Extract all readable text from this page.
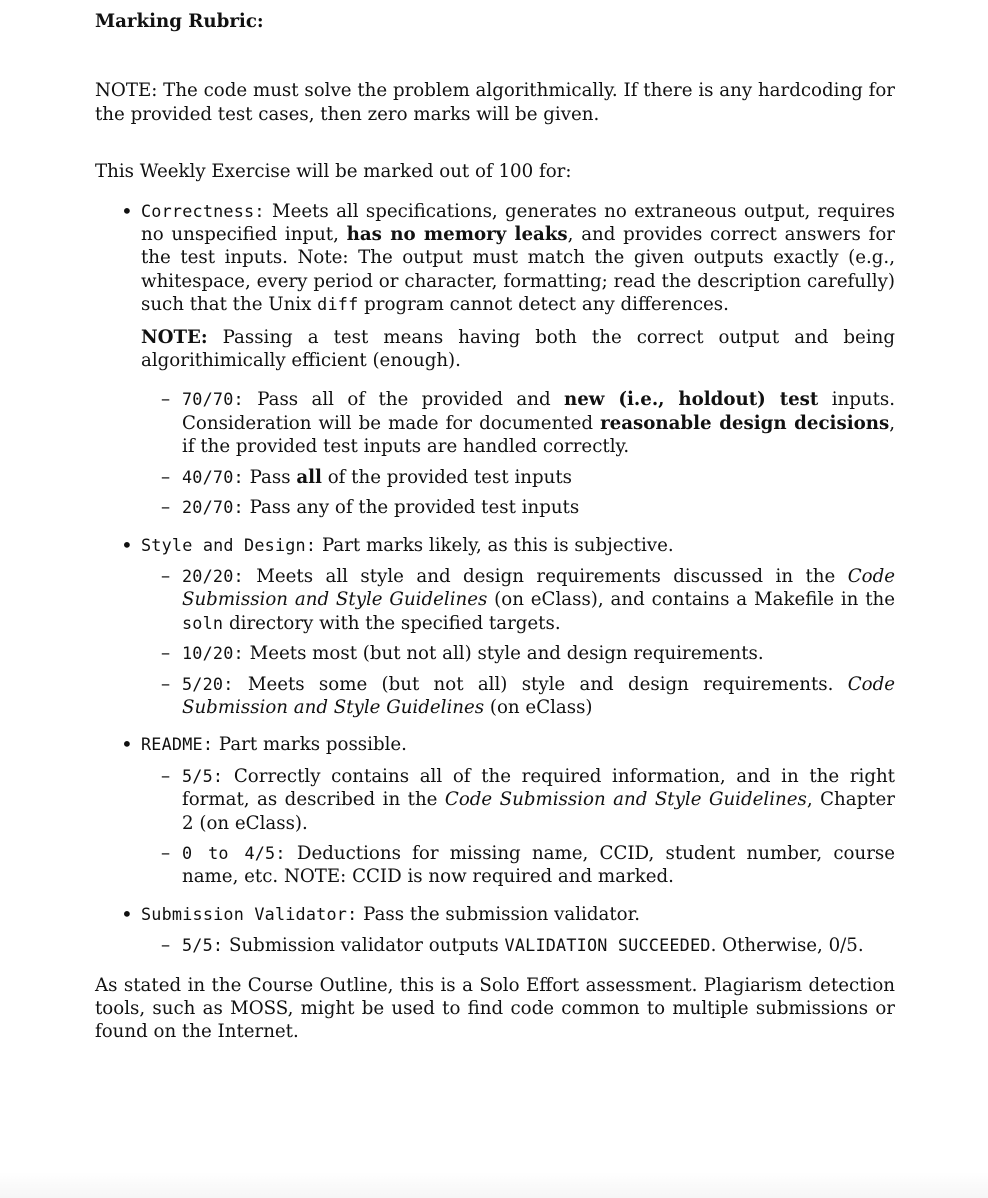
Marking Rubric:

NOTE: The code must solve the problem algorithmically. If there is any hardcoding for the provided test cases, then zero marks will be given.

This Weekly Exercise will be marked out of 100 for:

• Correctness: Meets all specifications, generates no extraneous output, requires no unspecified input, has no memory leaks, and provides correct answers for the test inputs. Note: The output must match the given outputs exactly (e.g., whitespace, every period or character, formatting; read the description carefully) such that the Unix diff program cannot detect any differences.

NOTE: Passing a test means having both the correct output and being algorithimically efficient (enough).

– 70/70: Pass all of the provided and new (i.e., holdout) test inputs. Consideration will be made for documented reasonable design decisions, if the provided test inputs are handled correctly.
– 40/70: Pass all of the provided test inputs
– 20/70: Pass any of the provided test inputs

• Style and Design: Part marks likely, as this is subjective.

– 20/20: Meets all style and design requirements discussed in the Code Submission and Style Guidelines (on eClass), and contains a Makefile in the soln directory with the specified targets.
– 10/20: Meets most (but not all) style and design requirements.
– 5/20: Meets some (but not all) style and design requirements. Code Submission and Style Guidelines (on eClass)

• README: Part marks possible.

– 5/5: Correctly contains all of the required information, and in the right format, as described in the Code Submission and Style Guidelines, Chapter 2 (on eClass).
– 0 to 4/5: Deductions for missing name, CCID, student number, course name, etc. NOTE: CCID is now required and marked.

• Submission Validator: Pass the submission validator.

– 5/5: Submission validator outputs VALIDATION SUCCEEDED. Otherwise, 0/5.

As stated in the Course Outline, this is a Solo Effort assessment. Plagiarism detection tools, such as MOSS, might be used to find code common to multiple submissions or found on the Internet.
